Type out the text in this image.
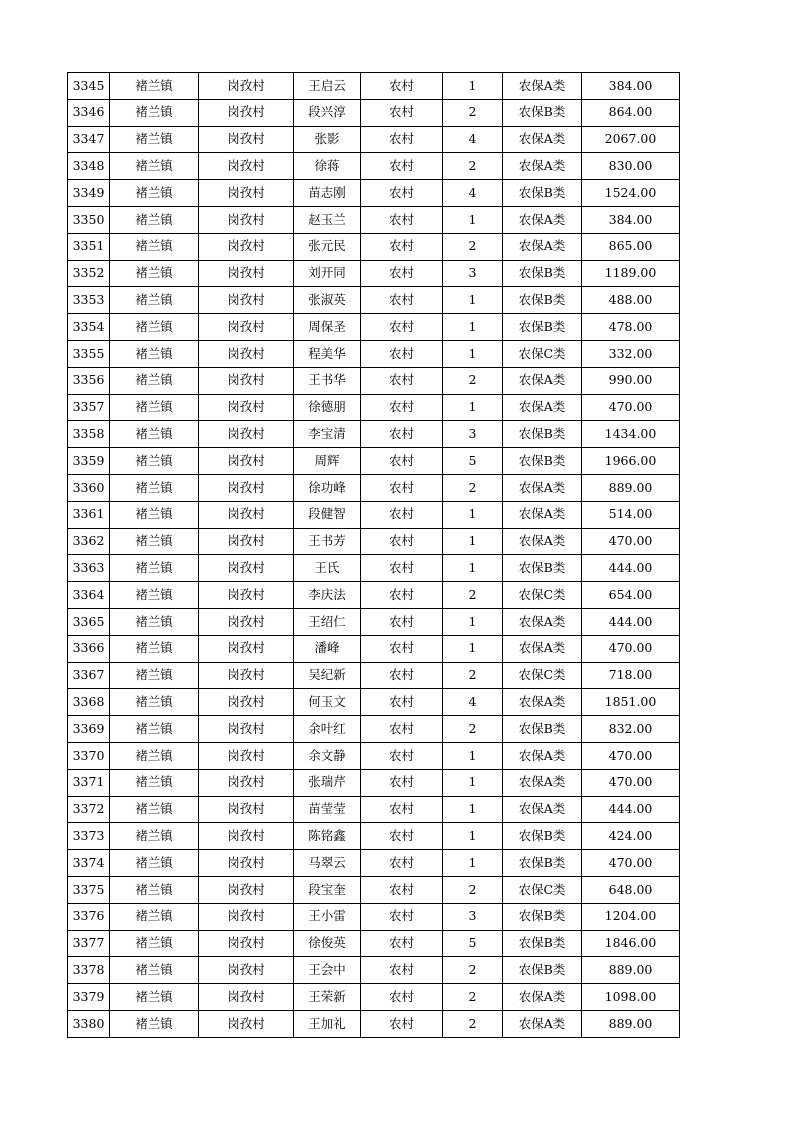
3345	褚兰镇	岗孜村	王启云	农村	1	农保A类	384.00
3346	褚兰镇	岗孜村	段兴淳	农村	2	农保B类	864.00
3347	褚兰镇	岗孜村	张影	农村	4	农保A类	2067.00
3348	褚兰镇	岗孜村	徐蒋	农村	2	农保A类	830.00
3349	褚兰镇	岗孜村	苗志刚	农村	4	农保B类	1524.00
3350	褚兰镇	岗孜村	赵玉兰	农村	1	农保A类	384.00
3351	褚兰镇	岗孜村	张元民	农村	2	农保A类	865.00
3352	褚兰镇	岗孜村	刘开同	农村	3	农保B类	1189.00
3353	褚兰镇	岗孜村	张淑英	农村	1	农保B类	488.00
3354	褚兰镇	岗孜村	周保圣	农村	1	农保B类	478.00
3355	褚兰镇	岗孜村	程美华	农村	1	农保C类	332.00
3356	褚兰镇	岗孜村	王书华	农村	2	农保A类	990.00
3357	褚兰镇	岗孜村	徐德朋	农村	1	农保A类	470.00
3358	褚兰镇	岗孜村	李宝清	农村	3	农保B类	1434.00
3359	褚兰镇	岗孜村	周辉	农村	5	农保B类	1966.00
3360	褚兰镇	岗孜村	徐功峰	农村	2	农保A类	889.00
3361	褚兰镇	岗孜村	段健智	农村	1	农保A类	514.00
3362	褚兰镇	岗孜村	王书芳	农村	1	农保A类	470.00
3363	褚兰镇	岗孜村	王氏	农村	1	农保B类	444.00
3364	褚兰镇	岗孜村	李庆法	农村	2	农保C类	654.00
3365	褚兰镇	岗孜村	王绍仁	农村	1	农保A类	444.00
3366	褚兰镇	岗孜村	潘峰	农村	1	农保A类	470.00
3367	褚兰镇	岗孜村	吴纪新	农村	2	农保C类	718.00
3368	褚兰镇	岗孜村	何玉文	农村	4	农保A类	1851.00
3369	褚兰镇	岗孜村	余叶红	农村	2	农保B类	832.00
3370	褚兰镇	岗孜村	余文静	农村	1	农保A类	470.00
3371	褚兰镇	岗孜村	张瑞芹	农村	1	农保A类	470.00
3372	褚兰镇	岗孜村	苗莹莹	农村	1	农保A类	444.00
3373	褚兰镇	岗孜村	陈铭鑫	农村	1	农保B类	424.00
3374	褚兰镇	岗孜村	马翠云	农村	1	农保B类	470.00
3375	褚兰镇	岗孜村	段宝奎	农村	2	农保C类	648.00
3376	褚兰镇	岗孜村	王小雷	农村	3	农保B类	1204.00
3377	褚兰镇	岗孜村	徐俊英	农村	5	农保B类	1846.00
3378	褚兰镇	岗孜村	王会中	农村	2	农保B类	889.00
3379	褚兰镇	岗孜村	王荣新	农村	2	农保A类	1098.00
3380	褚兰镇	岗孜村	王加礼	农村	2	农保A类	889.00
